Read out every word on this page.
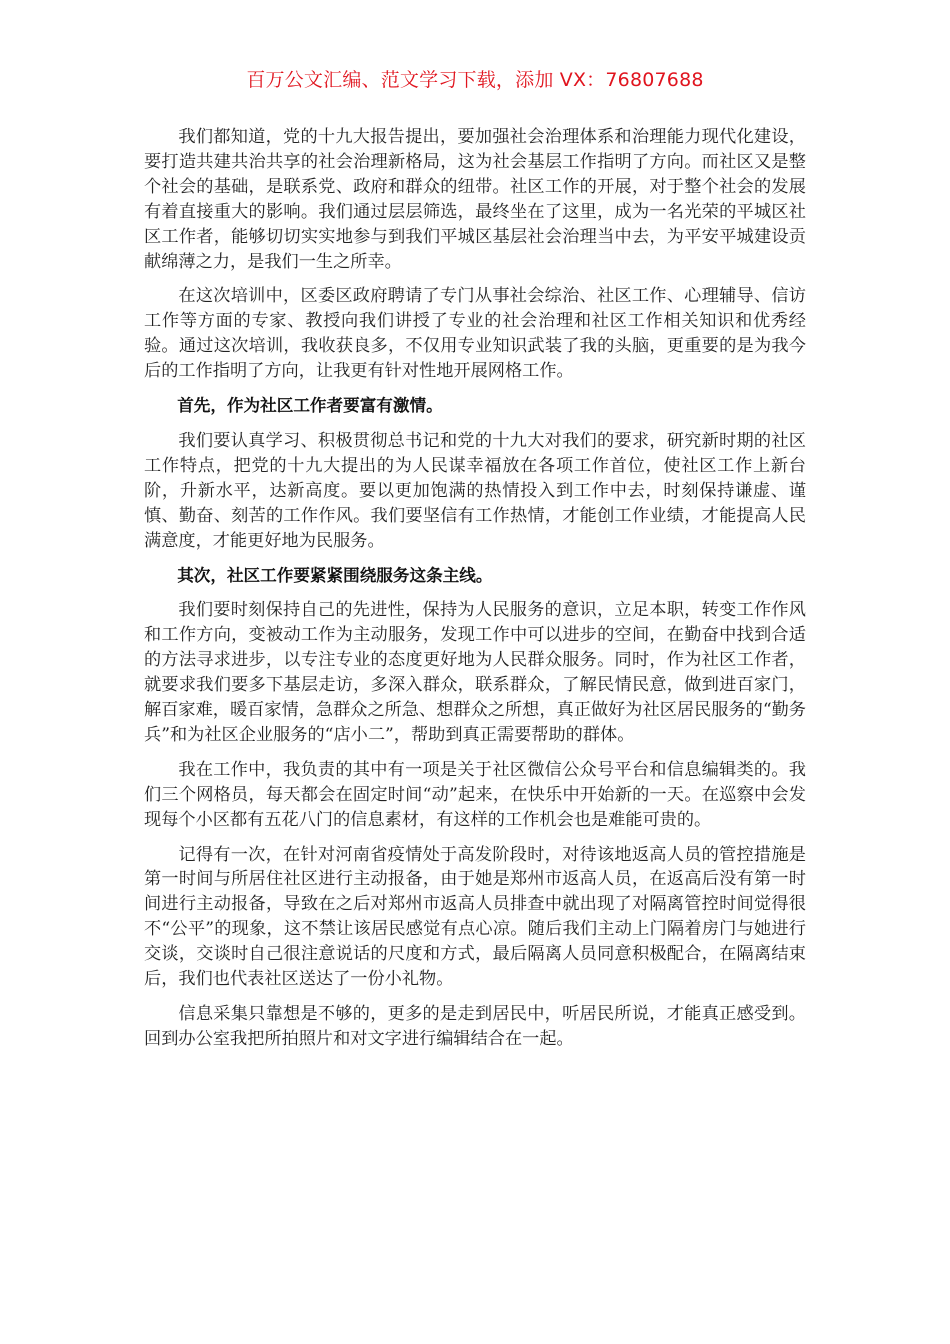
百万公文汇编、范文学习下载，添加 VX：76807688

我们都知道，党的十九大报告提出，要加强社会治理体系和治理能力现代化建设，要打造共建共治共享的社会治理新格局，这为社会基层工作指明了方向。而社区又是整个社会的基础，是联系党、政府和群众的纽带。社区工作的开展，对于整个社会的发展有着直接重大的影响。我们通过层层筛选，最终坐在了这里，成为一名光荣的平城区社区工作者，能够切切实实地参与到我们平城区基层社会治理当中去，为平安平城建设贡献绵薄之力，是我们一生之所幸。

在这次培训中，区委区政府聘请了专门从事社会综治、社区工作、心理辅导、信访工作等方面的专家、教授向我们讲授了专业的社会治理和社区工作相关知识和优秀经验。通过这次培训，我收获良多，不仅用专业知识武装了我的头脑，更重要的是为我今后的工作指明了方向，让我更有针对性地开展网格工作。

首先，作为社区工作者要富有激情。

我们要认真学习、积极贯彻总书记和党的十九大对我们的要求，研究新时期的社区工作特点，把党的十九大提出的为人民谋幸福放在各项工作首位，使社区工作上新台阶，升新水平，达新高度。要以更加饱满的热情投入到工作中去，时刻保持谦虚、谨慎、勤奋、刻苦的工作作风。我们要坚信有工作热情，才能创工作业绩，才能提高人民满意度，才能更好地为民服务。

其次，社区工作要紧紧围绕服务这条主线。

我们要时刻保持自己的先进性，保持为人民服务的意识，立足本职，转变工作作风和工作方向，变被动工作为主动服务，发现工作中可以进步的空间，在勤奋中找到合适的方法寻求进步，以专注专业的态度更好地为人民群众服务。同时，作为社区工作者，就要求我们要多下基层走访，多深入群众，联系群众，了解民情民意，做到进百家门，解百家难，暖百家情，急群众之所急、想群众之所想，真正做好为社区居民服务的“勤务兵”和为社区企业服务的“店小二”，帮助到真正需要帮助的群体。

我在工作中，我负责的其中有一项是关于社区微信公众号平台和信息编辑类的。我们三个网格员，每天都会在固定时间“动”起来，在快乐中开始新的一天。在巡察中会发现每个小区都有五花八门的信息素材，有这样的工作机会也是难能可贵的。

记得有一次，在针对河南省疫情处于高发阶段时，对待该地返高人员的管控措施是第一时间与所居住社区进行主动报备，由于她是郑州市返高人员，在返高后没有第一时间进行主动报备，导致在之后对郑州市返高人员排查中就出现了对隔离管控时间觉得很不“公平”的现象，这不禁让该居民感觉有点心凉。随后我们主动上门隔着房门与她进行交谈，交谈时自己很注意说话的尺度和方式，最后隔离人员同意积极配合，在隔离结束后，我们也代表社区送达了一份小礼物。

信息采集只靠想是不够的，更多的是走到居民中，听居民所说，才能真正感受到。回到办公室我把所拍照片和对文字进行编辑结合在一起。
